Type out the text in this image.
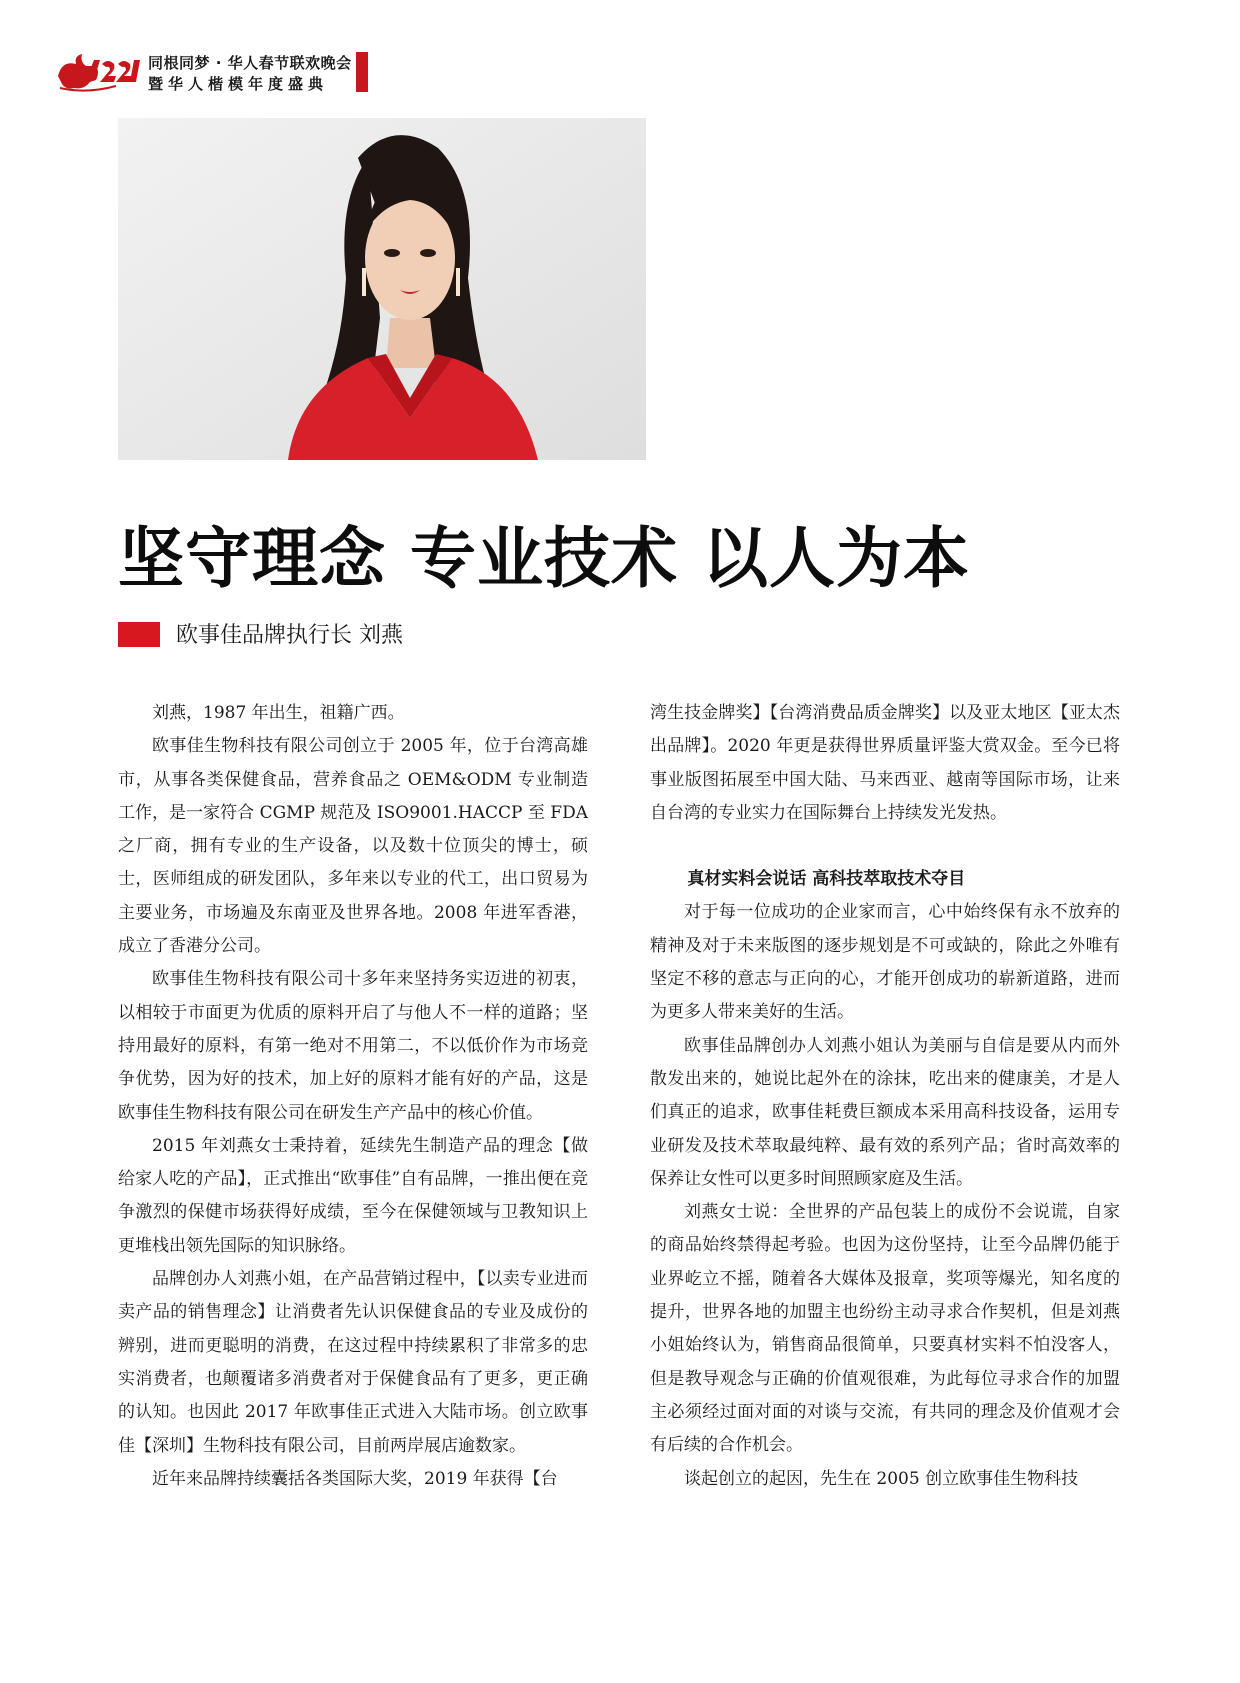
同根同梦 · 华人春节联欢晚会
暨华人楷模年度盛典
坚守理念 专业技术 以人为本
欧事佳品牌执行长 刘燕

刘燕，1987 年出生，祖籍广西。

欧事佳生物科技有限公司创立于 2005 年，位于台湾高雄市，从事各类保健食品，营养食品之 OEM&ODM 专业制造工作，是一家符合 CGMP 规范及 ISO9001.HACCP 至 FDA 之厂商，拥有专业的生产设备，以及数十位顶尖的博士，硕士，医师组成的研发团队，多年来以专业的代工，出口贸易为主要业务，市场遍及东南亚及世界各地。2008 年进军香港，成立了香港分公司。

欧事佳生物科技有限公司十多年来坚持务实迈进的初衷，以相较于市面更为优质的原料开启了与他人不一样的道路；坚持用最好的原料，有第一绝对不用第二，不以低价作为市场竞争优势，因为好的技术，加上好的原料才能有好的产品，这是欧事佳生物科技有限公司在研发生产产品中的核心价值。

2015 年刘燕女士秉持着，延续先生制造产品的理念【做给家人吃的产品】，正式推出“欧事佳”自有品牌，一推出便在竞争激烈的保健市场获得好成绩，至今在保健领域与卫教知识上更堆栈出领先国际的知识脉络。

品牌创办人刘燕小姐，在产品营销过程中，【以卖专业进而卖产品的销售理念】让消费者先认识保健食品的专业及成份的辨别，进而更聪明的消费，在这过程中持续累积了非常多的忠实消费者，也颠覆诸多消费者对于保健食品有了更多，更正确的认知。也因此 2017 年欧事佳正式进入大陆市场。创立欧事佳【深圳】生物科技有限公司，目前两岸展店逾数家。

近年来品牌持续囊括各类国际大奖，2019 年获得【台

湾生技金牌奖】【台湾消费品质金牌奖】以及亚太地区【亚太杰出品牌】。2020 年更是获得世界质量评鉴大赏双金。至今已将事业版图拓展至中国大陆、马来西亚、越南等国际市场，让来自台湾的专业实力在国际舞台上持续发光发热。

真材实料会说话 高科技萃取技术夺目

对于每一位成功的企业家而言，心中始终保有永不放弃的精神及对于未来版图的逐步规划是不可或缺的，除此之外唯有坚定不移的意志与正向的心，才能开创成功的崭新道路，进而为更多人带来美好的生活。

欧事佳品牌创办人刘燕小姐认为美丽与自信是要从内而外散发出来的，她说比起外在的涂抹，吃出来的健康美，才是人们真正的追求，欧事佳耗费巨额成本采用高科技设备，运用专业研发及技术萃取最纯粹、最有效的系列产品；省时高效率的保养让女性可以更多时间照顾家庭及生活。

刘燕女士说：全世界的产品包装上的成份不会说谎，自家的商品始终禁得起考验。也因为这份坚持，让至今品牌仍能于业界屹立不摇，随着各大媒体及报章，奖项等爆光，知名度的提升，世界各地的加盟主也纷纷主动寻求合作契机，但是刘燕小姐始终认为，销售商品很简单，只要真材实料不怕没客人，但是教导观念与正确的价值观很难，为此每位寻求合作的加盟主必须经过面对面的对谈与交流，有共同的理念及价值观才会有后续的合作机会。

谈起创立的起因，先生在 2005 创立欧事佳生物科技
